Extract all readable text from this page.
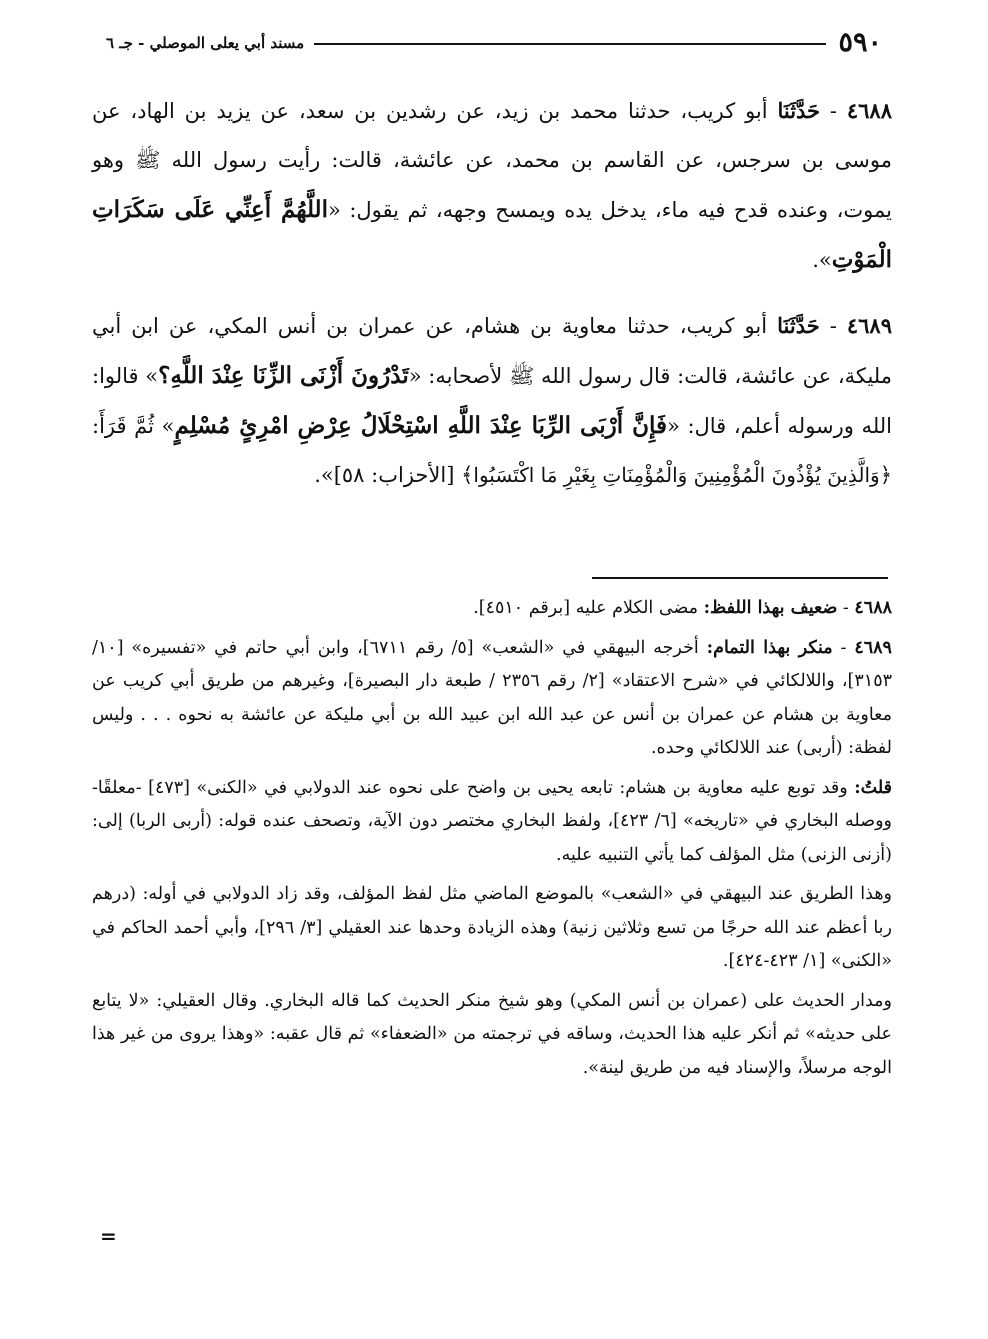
٥٩٠
مسند أبي يعلى الموصلي - جـ ٦

٤٦٨٨ - حَدَّثَنَا أبو كريب، حدثنا محمد بن زيد، عن رشدين بن سعد، عن يزيد بن الهاد، عن موسى بن سرجس، عن القاسم بن محمد، عن عائشة، قالت: رأيت رسول الله ﷺ وهو يموت، وعنده قدح فيه ماء، يدخل يده ويمسح وجهه، ثم يقول: «اللَّهُمَّ أَعِنِّي عَلَى سَكَرَاتِ الْمَوْتِ».

٤٦٨٩ - حَدَّثَنَا أبو كريب، حدثنا معاوية بن هشام، عن عمران بن أنس المكي، عن ابن أبي مليكة، عن عائشة، قالت: قال رسول الله ﷺ لأصحابه: «تَدْرُونَ أَزْنَى الزِّنَا عِنْدَ اللَّهِ؟» قالوا: الله ورسوله أعلم، قال: «فَإِنَّ أَرْبَى الرِّبَا عِنْدَ اللَّهِ اسْتِحْلَالُ عِرْضِ امْرِئٍ مُسْلِمٍ» ثُمَّ قَرَأَ: ﴿وَالَّذِينَ يُؤْذُونَ الْمُؤْمِنِينَ وَالْمُؤْمِنَاتِ بِغَيْرِ مَا اكْتَسَبُوا﴾ [الأحزاب: ٥٨]».

٤٦٨٨ - ضعيف بهذا اللفظ: مضى الكلام عليه [برقم ٤٥١٠].

٤٦٨٩ - منكر بهذا التمام: أخرجه البيهقي في «الشعب» [٥/ رقم ٦٧١١]، وابن أبي حاتم في «تفسيره» [١٠/ ٣١٥٣]، واللالكائي في «شرح الاعتقاد» [٢/ رقم ٢٣٥٦ / طبعة دار البصيرة]، وغيرهم من طريق أبي كريب عن معاوية بن هشام عن عمران بن أنس عن عبد الله ابن عبيد الله بن أبي مليكة عن عائشة به نحوه . . . وليس لفظة: (أربى) عند اللالكائي وحده.

قلتُ: وقد توبع عليه معاوية بن هشام: تابعه يحيى بن واضح على نحوه عند الدولابي في «الكنى» [٤٧٣] -معلقًا- ووصله البخاري في «تاريخه» [٦/ ٤٢٣]، ولفظ البخاري مختصر دون الآية، وتصحف عنده قوله: (أربى الربا) إلى: (أزنى الزنى) مثل المؤلف كما يأتي التنبيه عليه.

وهذا الطريق عند البيهقي في «الشعب» بالموضع الماضي مثل لفظ المؤلف، وقد زاد الدولابي في أوله: (درهم ربا أعظم عند الله حرجًا من تسع وثلاثين زنية) وهذه الزيادة وحدها عند العقيلي [٣/ ٢٩٦]، وأبي أحمد الحاكم في «الكنى» [١/ ٤٢٣-٤٢٤].

ومدار الحديث على (عمران بن أنس المكي) وهو شيخ منكر الحديث كما قاله البخاري. وقال العقيلي: «لا يتابع على حديثه» ثم أنكر عليه هذا الحديث، وساقه في ترجمته من «الضعفاء» ثم قال عقبه: «وهذا يروى من غير هذا الوجه مرسلاً، والإسناد فيه من طريق لينة».

=
